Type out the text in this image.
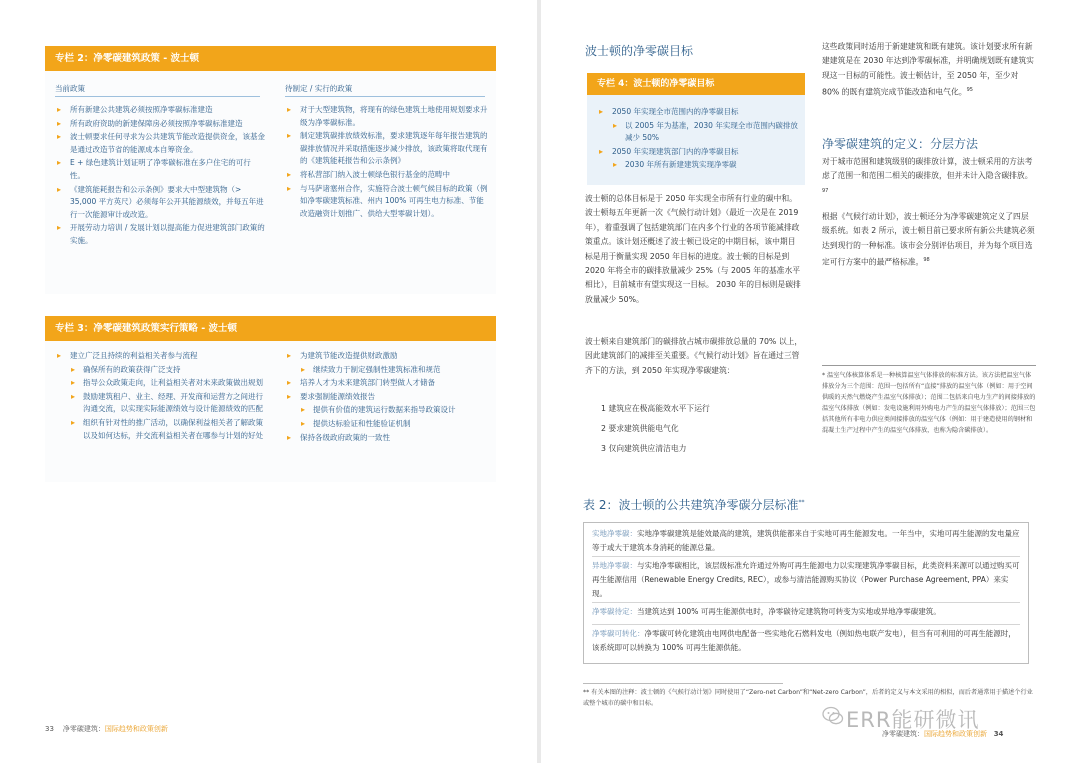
专栏 2：净零碳建筑政策 - 波士顿
当前政策
▸ 所有新建公共建筑必须按照净零碳标准建造
▸ 所有政府资助的新建保障房必须按照净零碳标准建造
▸ 波士顿要求任何寻求为公共建筑节能改造提供资金，该基金是通过改造节省的能源成本自筹资金。
▸ E + 绿色建筑计划证明了净零碳标准在多户住宅的可行性。
▸ 《建筑能耗报告和公示条例》要求大中型建筑物（> 35,000 平方英尺）必须每年公开其能源绩效，并每五年进行一次能源审计或改造。
▸ 开展劳动力培训 / 发展计划以提高能力促进建筑部门政策的实施。
待制定 / 实行的政策
▸ 对于大型建筑物，将现有的绿色建筑土地使用规划要求升级为净零碳标准。
▸ 制定建筑碳排放绩效标准，要求建筑逐年每年报告建筑的碳排放情况并采取措施逐步减少排放，该政策将取代现有的《建筑能耗报告和公示条例》
▸ 将私营部门纳入波士顿绿色银行基金的范畴中
▸ 与马萨诸塞州合作，实施符合波士顿气候目标的政策（例如净零碳建筑标准、州内 100% 可再生电力标准、节能改造融资计划推广、供给大型零碳计划）。
专栏 3：净零碳建筑政策实行策略 - 波士顿
▸ 建立广泛且持续的利益相关者参与流程
▸ 确保所有的政策获得广泛支持
▸ 指导公众政策走向，让利益相关者对未来政策做出规划
▸ 鼓励建筑租户、业主、经理、开发商和运营方之间进行沟通交流，以实现实际能源绩效与设计能源绩效的匹配
▸ 组织有针对性的推广活动，以确保利益相关者了解政策以及如何达标，并交流利益相关者在哪参与计划的好处
▸ 为建筑节能改造提供财政激励
▸ 继续致力于制定强制性建筑标准和规范
▸ 培养人才为未来建筑部门转型做人才储备
▸ 要求强制能源绩效报告
▸ 提供有价值的建筑运行数据来指导政策设计
▸ 提供达标验证和性能验证机制
▸ 保持各级政府政策的一致性
33 净零碳建筑：国际趋势和政策创新
波士顿的净零碳目标
专栏 4：波士顿的净零碳目标
▸ 2050 年实现全市范围内的净零碳目标
▸ 以 2005 年为基准，2030 年实现全市范围内碳排放减少 50%
▸ 2050 年实现建筑部门内的净零碳目标
▸ 2030 年所有新建建筑实现净零碳

波士顿的总体目标是于 2050 年实现全市所有行业的碳中和。波士顿每五年更新一次《气候行动计划》（最近一次是在 2019 年），着重强调了包括建筑部门在内多个行业的各项节能减排政策重点。该计划还概述了波士顿已设定的中期目标，该中期目标是用于衡量实现 2050 年目标的进度。波士顿的目标是到 2020 年将全市的碳排放量减少 25%（与 2005 年的基准水平相比），目前城市有望实现这一目标。 2030 年的目标则是碳排放量减少 50%。

波士顿来自建筑部门的碳排放占城市碳排放总量的 70% 以上，因此建筑部门的减排至关重要。《气候行动计划》旨在通过三管齐下的方法，到 2050 年实现净零碳建筑：

1 建筑应在极高能效水平下运行
2 要求建筑供能电气化
3 仅向建筑供应清洁电力

这些政策同时适用于新建建筑和既有建筑。该计划要求所有新建建筑是在 2030 年达到净零碳标准，并明确规划既有建筑实现这一目标的可能性。波士顿估计，至 2050 年，至少对 80% 的既有建筑完成节能改造和电气化。$^{95}$

净零碳建筑的定义：分层方法

对于城市范围和建筑级别的碳排放计算，波士顿采用的方法考虑了范围一和范围二相关的碳排放，但并未计入隐含碳排放。$^{97}$

根据《气候行动计划》，波士顿还分为净零碳建筑定义了四层级系统。如表 2 所示，波士顿目前已要求所有新公共建筑必须达到现行的一种标准。该市会分别评估项目，并为每个项目选定可行方案中的最严格标准。$^{98}$

* 温室气体核算体系是一种核算温室气体排放的标准方法。该方法把温室气体排放分为三个范围：范围一包括所有“直接”排放的温室气体（例如：用于空间供暖的天然气燃烧产生温室气体排放）；范围二包括来自电力生产的间接排放的温室气体排放（例如：发电设施利用外购电力产生的温室气体排放）；范围三包括其他所有非电力供应类间接排放的温室气体（例如：用于建造使用的钢材和混凝土生产过程中产生的温室气体排放，也称为隐含碳排放）。

表 2：波士顿的公共建筑净零碳分层标准**
实地净零碳：实地净零碳建筑是能效最高的建筑，建筑供能都来自于实地可再生能源发电。一年当中，实地可再生能源的发电量应等于或大于建筑本身消耗的能源总量。
异地净零碳：与实地净零碳相比，该层级标准允许通过外购可再生能源电力以实现建筑净零碳目标，此类资料来源可以通过购买可再生能源信用（Renewable Energy Credits, REC），或参与清洁能源购买协议（Power Purchase Agreement, PPA）来实现。
净零碳待定：当建筑达到 100% 可再生能源供电时，净零碳待定建筑物可转变为实地或异地净零碳建筑。
净零碳可转化：净零碳可转化建筑由电网供电配备一些实地化石燃料发电（例如热电联产发电），但当有可利用的可再生能源时，该系统即可以转换为 100% 可再生能源供能。

** 有关本图的注释：波士顿的《气候行动计划》同时使用了“Zero-net Carbon”和“Net-zero Carbon”，后者的定义与本文采用的相似，而后者通常用于描述个行业或整个城市的碳中和目标。

净零碳建筑：国际趋势和政策创新 34
ERR能研微讯
